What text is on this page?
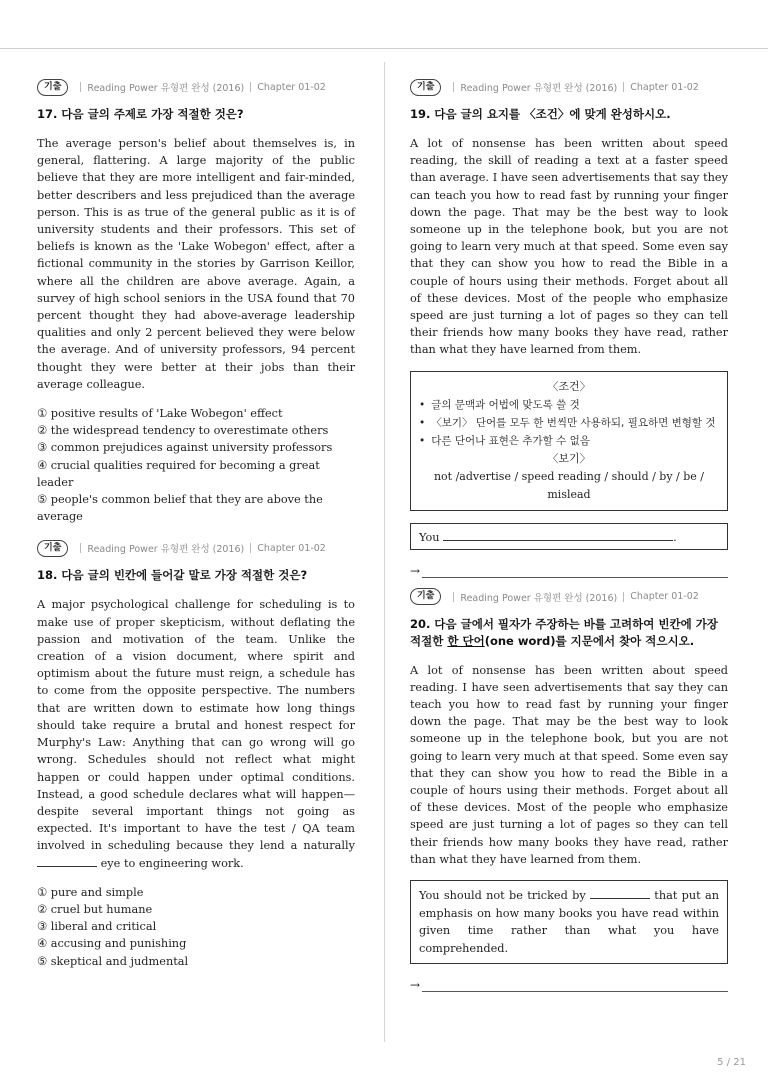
기출	Reading Power 유형편 완성 (2016) Chapter 01-02
17. 다음 글의 주제로 가장 적절한 것은?

The average person's belief about themselves is, in general, flattering. A large majority of the public believe that they are more intelligent and fair-minded, better describers and less prejudiced than the average person. This is as true of the general public as it is of university students and their professors. This set of beliefs is known as the 'Lake Wobegon' effect, after a fictional community in the stories by Garrison Keillor, where all the children are above average. Again, a survey of high school seniors in the USA found that 70 percent thought they had above-average leadership qualities and only 2 percent believed they were below the average. And of university professors, 94 percent thought they were better at their jobs than their average colleague.

① positive results of 'Lake Wobegon' effect
② the widespread tendency to overestimate others
③ common prejudices against university professors
④ crucial qualities required for becoming a great leader
⑤ people's common belief that they are above the average
기출	Reading Power 유형편 완성 (2016) Chapter 01-02
18. 다음 글의 빈칸에 들어갈 말로 가장 적절한 것은?

A major psychological challenge for scheduling is to make use of proper skepticism, without deflating the passion and motivation of the team. Unlike the creation of a vision document, where spirit and optimism about the future must reign, a schedule has to come from the opposite perspective. The numbers that are written down to estimate how long things should take require a brutal and honest respect for Murphy's Law: Anything that can go wrong will go wrong. Schedules should not reflect what might happen or could happen under optimal conditions. Instead, a good schedule declares what will happen—despite several important things not going as expected. It's important to have the test / QA team involved in scheduling because they lend a naturally  eye to engineering work.

① pure and simple
② cruel but humane
③ liberal and critical
④ accusing and punishing
⑤ skeptical and judmental
기출	Reading Power 유형편 완성 (2016) Chapter 01-02
19. 다음 글의 요지를 〈조건〉에 맞게 완성하시오.

A lot of nonsense has been written about speed reading, the skill of reading a text at a faster speed than average. I have seen advertisements that say they can teach you how to read fast by running your finger down the page. That may be the best way to look someone up in the telephone book, but you are not going to learn very much at that speed. Some even say that they can show you how to read the Bible in a couple of hours using their methods. Forget about all of these devices. Most of the people who emphasize speed are just turning a lot of pages so they can tell their friends how many books they have read, rather than what they have learned from them.

〈조건〉
• 글의 문맥과 어법에 맞도록 쓸 것
• 〈보기〉 단어를 모두 한 번씩만 사용하되, 필요하면 변형할 것
• 다른 단어나 표현은 추가할 수 없음
〈보기〉
not /advertise / speed reading / should / by / be / mislead
You	.
→
기출	Reading Power 유형편 완성 (2016) Chapter 01-02
20. 다음 글에서 필자가 주장하는 바를 고려하여 빈칸에 가장 적절한 한 단어(one word)를 지문에서 찾아 적으시오.

A lot of nonsense has been written about speed reading. I have seen advertisements that say they can teach you how to read fast by running your finger down the page. That may be the best way to look someone up in the telephone book, but you are not going to learn very much at that speed. Some even say that they can show you how to read the Bible in a couple of hours using their methods. Forget about all of these devices. Most of the people who emphasize speed are just turning a lot of pages so they can tell their friends how many books they have read, rather than what they have learned from them.

You should not be tricked by	that put an emphasis on how many books you have read within given time rather than what you have comprehended.
→
5 / 21
